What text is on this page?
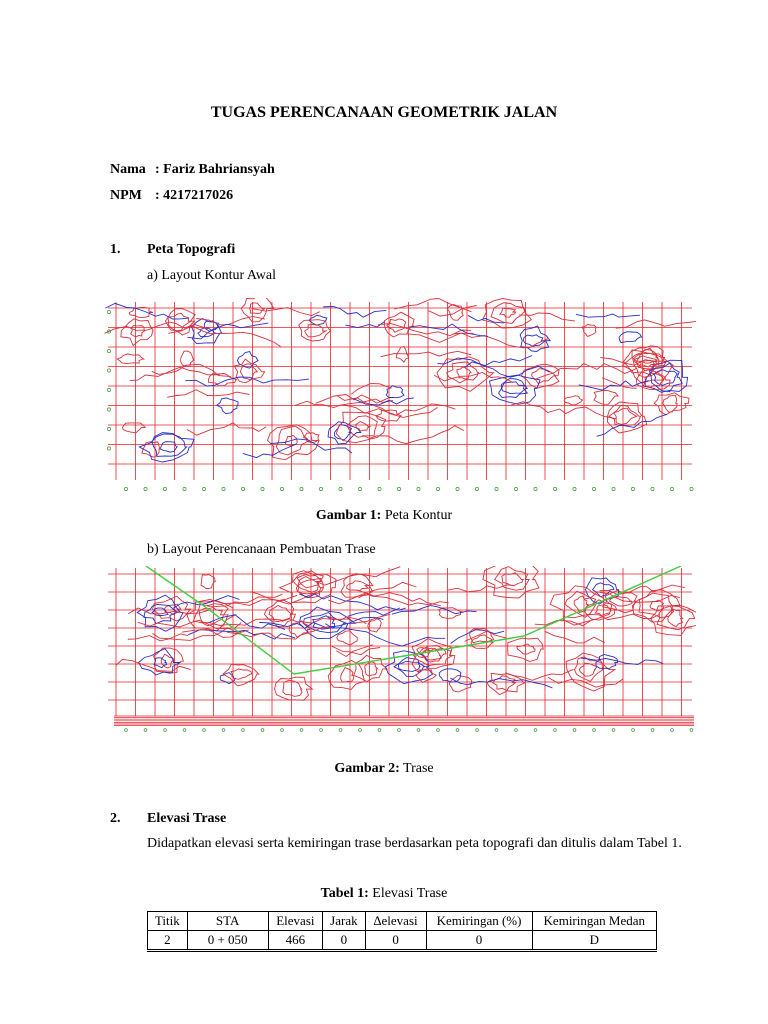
TUGAS PERENCANAAN GEOMETRIK JALAN
Nama : Fariz Bahriansyah
NPM : 4217217026
1. Peta Topografi
a) Layout Kontur Awal
Gambar 1: Peta Kontur
b) Layout Perencanaan Pembuatan Trase
Gambar 2: Trase
2. Elevasi Trase
Didapatkan elevasi serta kemiringan trase berdasarkan peta topografi dan ditulis dalam Tabel 1.
Tabel 1: Elevasi Trase
Titik	STA	Elevasi	Jarak	∆elevasi	Kemiringan (%)	Kemiringan Medan
2	0 + 050	466	0	0	0	D
